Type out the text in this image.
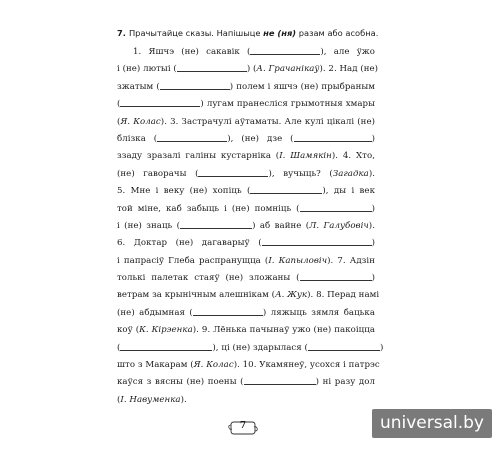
7. Прачытайце сказы. Напішыце не (ня) разам або асобна.
1. Яшчэ (не) сакавік (	), але ўжо
і (не) лютыі (	) (А. Грачанікаў). 2. Над (не)
зжатым (	) полем і яшчэ (не) прыбраным
(	) лугам пранесліся грымотныя хмары
(Я. Колас). 3. Застрачулі аўтаматы. Але кулі цікалі (не)
блізка (	), (не) дзе (	)
ззаду зразалі галіны кустарніка (І. Шамякін). 4. Хто,
(не) гаворачы (	), вучыць? (Загадка).
5. Мне і веку (не) хопіць (	), ды і век
той міне, каб забыць і (не) помніць (	)
і (не) знаць (	) аб вайне (Л. Галубовіч).
6. Доктар (не) дагаварыў (	)
і папрасіў Глеба распранущца (І. Капыловіч). 7. Адзін
толькі палетак стаяў (не) зложаны (	)
ветрам за крынічным алешнікам (А. Жук). 8. Перад намі
(не) абдымная (	) ляжыць зямля бацька
коў (К. Кірэенка). 9. Лёнька пачынаў ужо (не) пакоіцца
(	), ці (не) здарылася (	)
што з Макарам (Я. Колас). 10. Укамянеў, усохся і патрэс
каўся з вясны (не) поены (	) ні разу дол
(І. Навуменка).
7	universal.by
